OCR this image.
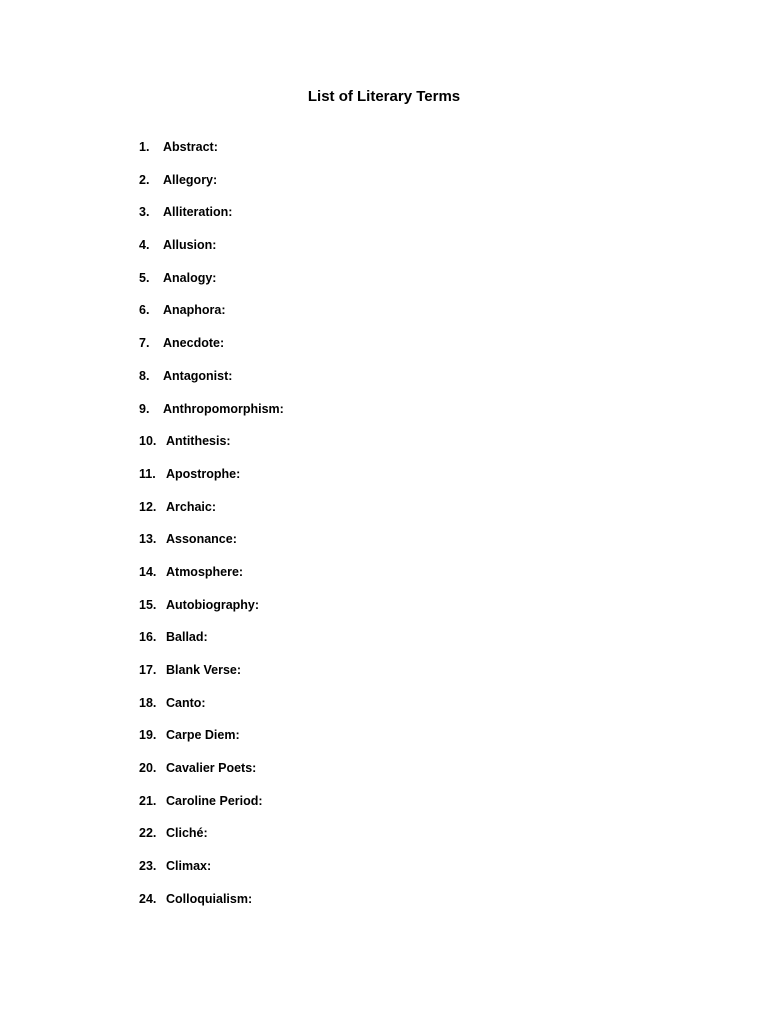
List of Literary Terms
1.	Abstract:
2.	Allegory:
3.	Alliteration:
4.	Allusion:
5.	Analogy:
6.	Anaphora:
7.	Anecdote:
8.	Antagonist:
9.	Anthropomorphism:
10. Antithesis:
11. Apostrophe:
12. Archaic:
13. Assonance:
14. Atmosphere:
15. Autobiography:
16. Ballad:
17. Blank Verse:
18. Canto:
19. Carpe Diem:
20. Cavalier Poets:
21. Caroline Period:
22. Cliché:
23. Climax:
24. Colloquialism:
